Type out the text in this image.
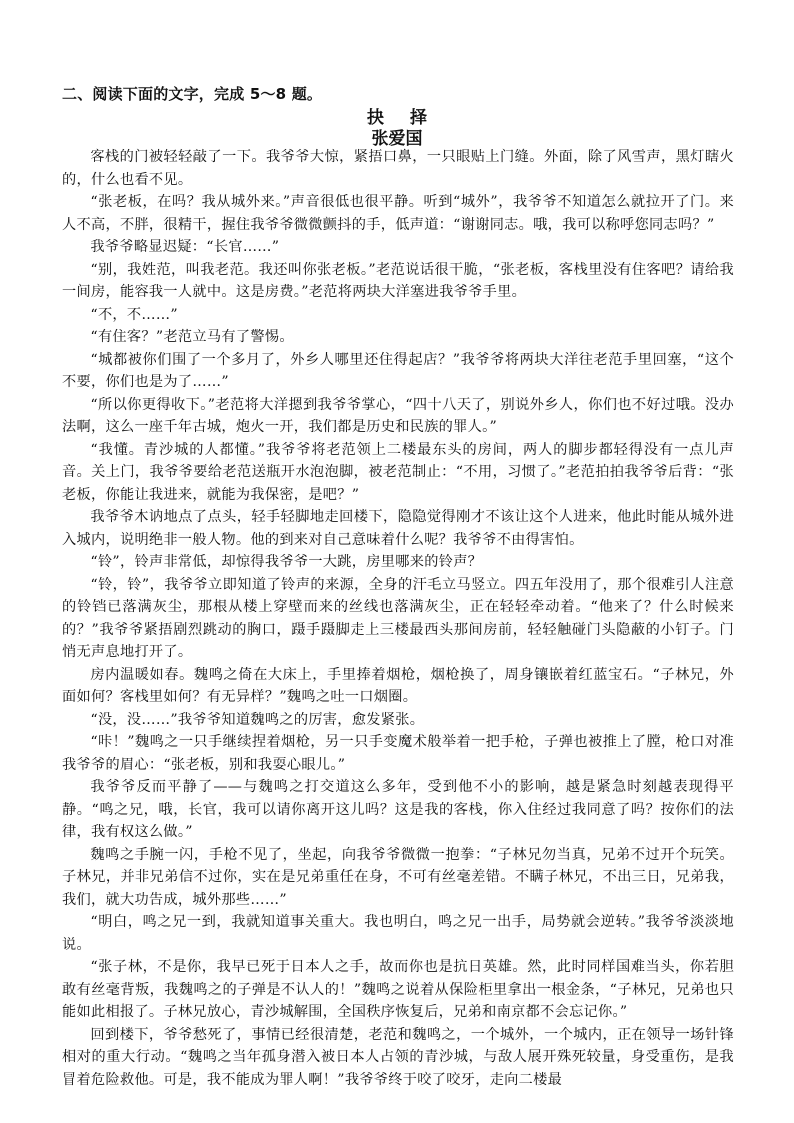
二、阅读下面的文字，完成 5～8 题。
抉 择
张爱国

客栈的门被轻轻敲了一下。我爷爷大惊，紧捂口鼻，一只眼贴上门缝。外面，除了风雪声，黑灯瞎火的，什么也看不见。

“张老板，在吗？我从城外来。”声音很低也很平静。听到“城外”，我爷爷不知道怎么就拉开了门。来人不高，不胖，很精干，握住我爷爷微微颤抖的手，低声道：“谢谢同志。哦，我可以称呼您同志吗？”

我爷爷略显迟疑：“长官……”

“别，我姓范，叫我老范。我还叫你张老板。”老范说话很干脆，“张老板，客栈里没有住客吧？请给我一间房，能容我一人就中。这是房费。”老范将两块大洋塞进我爷爷手里。

“不，不……”

“有住客？”老范立马有了警惕。

“城都被你们围了一个多月了，外乡人哪里还住得起店？”我爷爷将两块大洋往老范手里回塞，“这个不要，你们也是为了……”

“所以你更得收下。”老范将大洋摁到我爷爷掌心，“四十八天了，别说外乡人，你们也不好过哦。没办法啊，这么一座千年古城，炮火一开，我们都是历史和民族的罪人。”

“我懂。青沙城的人都懂。”我爷爷将老范领上二楼最东头的房间，两人的脚步都轻得没有一点儿声音。关上门，我爷爷要给老范送瓶开水泡泡脚，被老范制止：“不用，习惯了。”老范拍拍我爷爷后背：“张老板，你能让我进来，就能为我保密，是吧？”

我爷爷木讷地点了点头，轻手轻脚地走回楼下，隐隐觉得刚才不该让这个人进来，他此时能从城外进入城内，说明绝非一般人物。他的到来对自己意味着什么呢？我爷爷不由得害怕。

“铃”，铃声非常低，却惊得我爷爷一大跳，房里哪来的铃声？

“铃，铃”，我爷爷立即知道了铃声的来源，全身的汗毛立马竖立。四五年没用了，那个很难引人注意的铃铛已落满灰尘，那根从楼上穿壁而来的丝线也落满灰尘，正在轻轻牵动着。“他来了？什么时候来的？”我爷爷紧捂剧烈跳动的胸口，蹑手蹑脚走上三楼最西头那间房前，轻轻触碰门头隐蔽的小钉子。门悄无声息地打开了。

房内温暖如春。魏鸣之倚在大床上，手里捧着烟枪，烟枪换了，周身镶嵌着红蓝宝石。“子林兄，外面如何？客栈里如何？有无异样？”魏鸣之吐一口烟圈。

“没，没……”我爷爷知道魏鸣之的厉害，愈发紧张。

“咔！”魏鸣之一只手继续捏着烟枪，另一只手变魔术般举着一把手枪，子弹也被推上了膛，枪口对准我爷爷的眉心：“张老板，别和我耍心眼儿。”

我爷爷反而平静了——与魏鸣之打交道这么多年，受到他不小的影响，越是紧急时刻越表现得平静。“鸣之兄，哦，长官，我可以请你离开这儿吗？这是我的客栈，你入住经过我同意了吗？按你们的法律，我有权这么做。”

魏鸣之手腕一闪，手枪不见了，坐起，向我爷爷微微一抱拳：“子林兄勿当真，兄弟不过开个玩笑。子林兄，并非兄弟信不过你，实在是兄弟重任在身，不可有丝毫差错。不瞒子林兄，不出三日，兄弟我，我们，就大功告成，城外那些……”

“明白，鸣之兄一到，我就知道事关重大。我也明白，鸣之兄一出手，局势就会逆转。”我爷爷淡淡地说。

“张子林，不是你，我早已死于日本人之手，故而你也是抗日英雄。然，此时同样国难当头，你若胆敢有丝毫背叛，我魏鸣之的子弹是不认人的！”魏鸣之说着从保险柜里拿出一根金条，“子林兄，兄弟也只能如此相报了。子林兄放心，青沙城解围，全国秩序恢复后，兄弟和南京都不会忘记你。”

回到楼下，爷爷愁死了，事情已经很清楚，老范和魏鸣之，一个城外，一个城内，正在领导一场针锋相对的重大行动。“魏鸣之当年孤身潜入被日本人占领的青沙城，与敌人展开殊死较量，身受重伤，是我冒着危险救他。可是，我不能成为罪人啊！”我爷爷终于咬了咬牙，走向二楼最
